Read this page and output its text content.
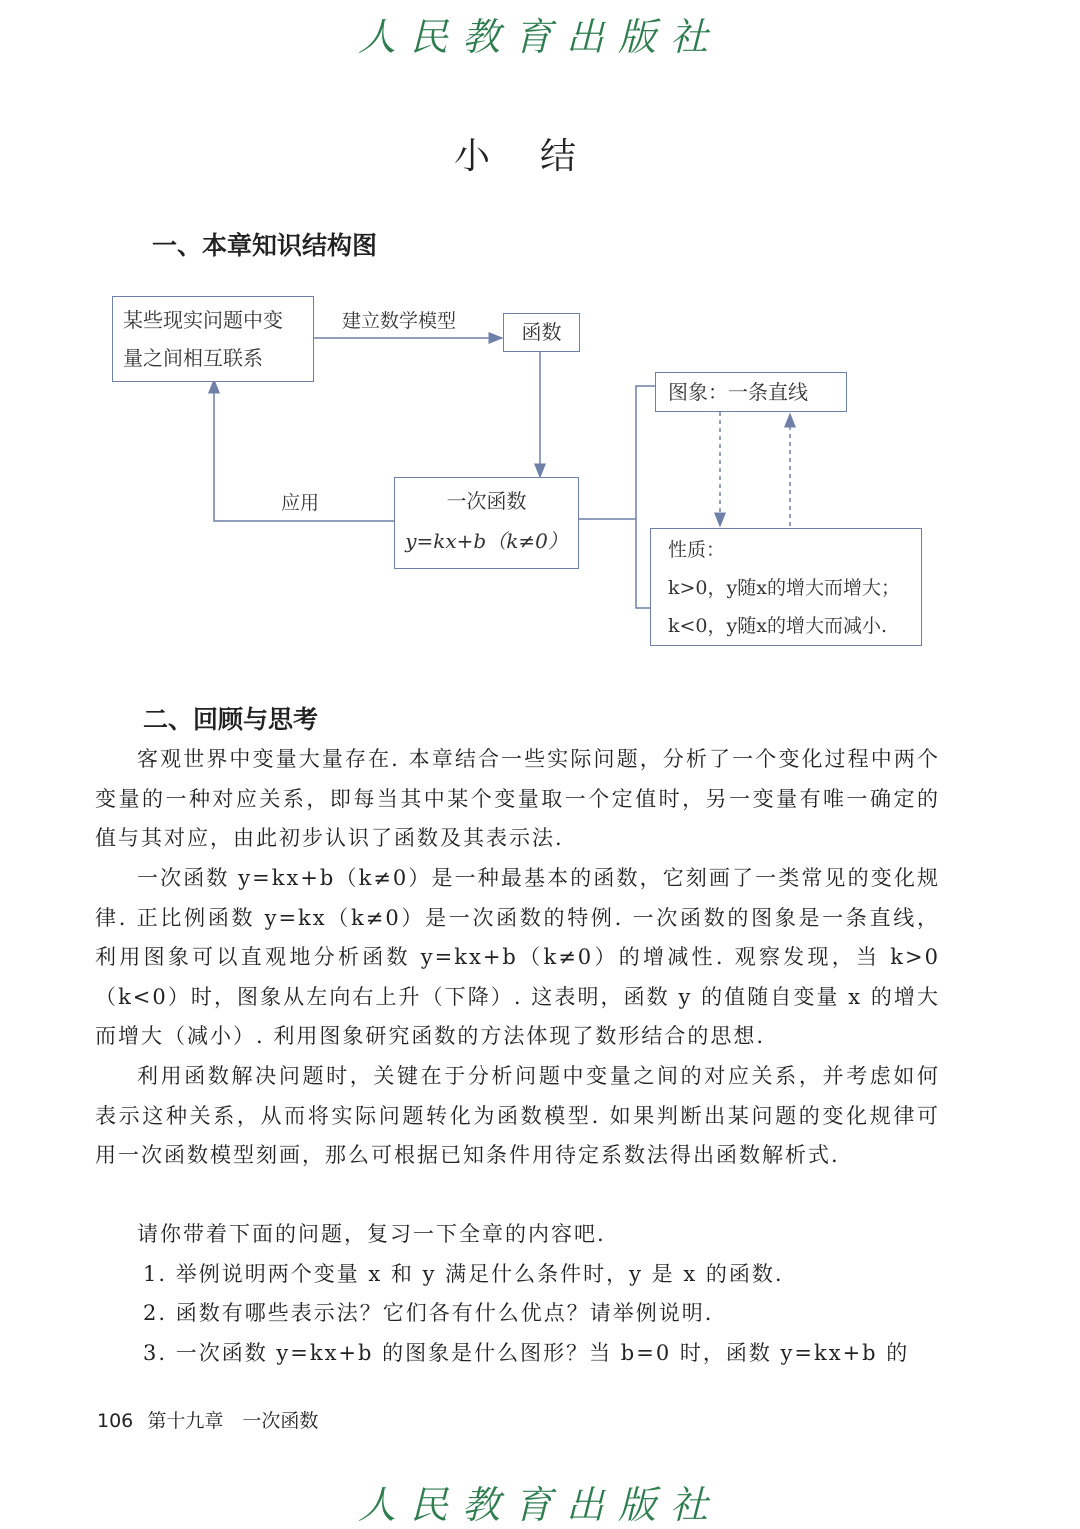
人民教育出版社
小结
一、本章知识结构图
某些现实问题中变
量之间相互联系
建立数学模型	函数
一次函数
y=kx+b（k≠0）
应用
图象：一条直线
性质：
k>0，y随x的增大而增大；
k<0，y随x的增大而减小.
二、回顾与思考

客观世界中变量大量存在. 本章结合一些实际问题，分析了一个变化过程中两个变量的一种对应关系，即每当其中某个变量取一个定值时，另一变量有唯一确定的值与其对应，由此初步认识了函数及其表示法.

一次函数 y=kx+b（k≠0）是一种最基本的函数，它刻画了一类常见的变化规律. 正比例函数 y=kx（k≠0）是一次函数的特例. 一次函数的图象是一条直线，利用图象可以直观地分析函数 y=kx+b（k≠0）的增减性. 观察发现，当 k>0（k<0）时，图象从左向右上升（下降）. 这表明，函数 y 的值随自变量 x 的增大而增大（减小）. 利用图象研究函数的方法体现了数形结合的思想.

利用函数解决问题时，关键在于分析问题中变量之间的对应关系，并考虑如何表示这种关系，从而将实际问题转化为函数模型. 如果判断出某问题的变化规律可用一次函数模型刻画，那么可根据已知条件用待定系数法得出函数解析式.

请你带着下面的问题，复习一下全章的内容吧.

1. 举例说明两个变量 x 和 y 满足什么条件时，y 是 x 的函数.
2. 函数有哪些表示法？它们各有什么优点？请举例说明.
3. 一次函数 y=kx+b 的图象是什么图形？当 b=0 时，函数 y=kx+b 的
106 第十九章　一次函数
人民教育出版社
